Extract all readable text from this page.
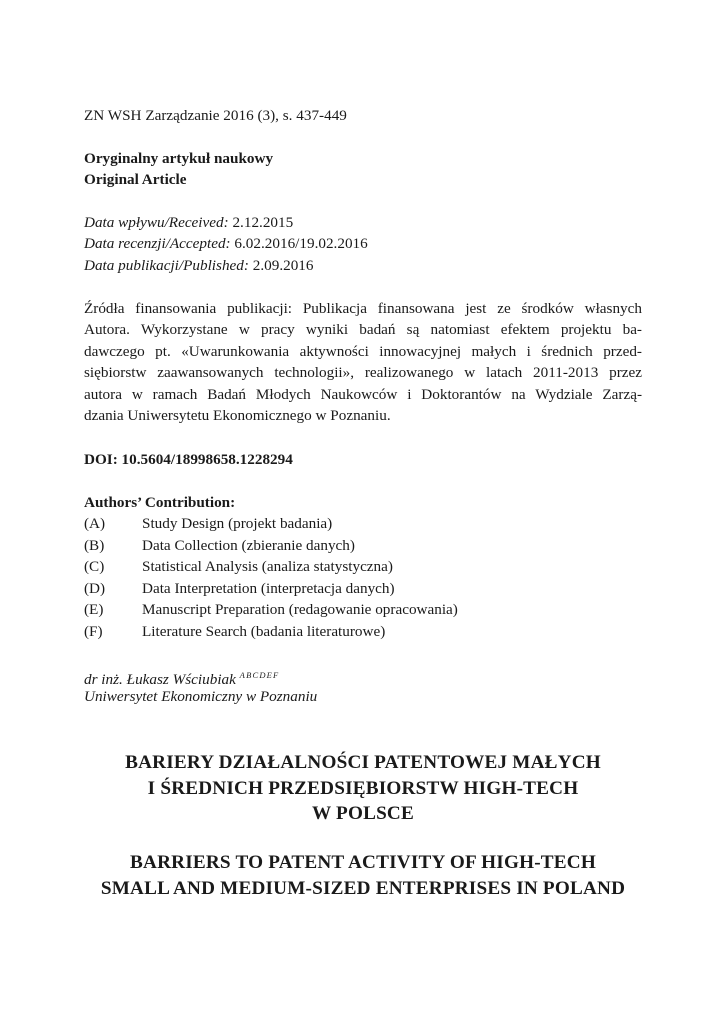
ZN WSH Zarządzanie 2016 (3), s. 437-449
Oryginalny artykuł naukowy
Original Article
Data wpływu/Received: 2.12.2015
Data recenzji/Accepted: 6.02.2016/19.02.2016
Data publikacji/Published: 2.09.2016
Źródła finansowania publikacji: Publikacja finansowana jest ze środków własnych
Autora. Wykorzystane w pracy wyniki badań są natomiast efektem projektu ba-
dawczego pt. «Uwarunkowania aktywności innowacyjnej małych i średnich przed-
siębiorstw zaawansowanych technologii», realizowanego w latach 2011-2013 przez
autora w ramach Badań Młodych Naukowców i Doktorantów na Wydziale Zarzą-
dzania Uniwersytetu Ekonomicznego w Poznaniu.
DOI: 10.5604/18998658.1228294
Authors’ Contribution:
(A) Study Design (projekt badania)
(B) Data Collection (zbieranie danych)
(C) Statistical Analysis (analiza statystyczna)
(D) Data Interpretation (interpretacja danych)
(E)	Manuscript Preparation (redagowanie opracowania)
(F)	Literature Search (badania literaturowe)
dr inż. Łukasz Wściubiak $^{ABCDEF}$
Uniwersytet Ekonomiczny w Poznaniu
BARIERY DZIAŁALNOŚCI PATENTOWEJ MAŁYCH
I ŚREDNICH PRZEDSIĘBIORSTW HIGH-TECH
W POLSCE
BARRIERS TO PATENT ACTIVITY OF HIGH-TECH
SMALL AND MEDIUM-SIZED ENTERPRISES IN POLAND
